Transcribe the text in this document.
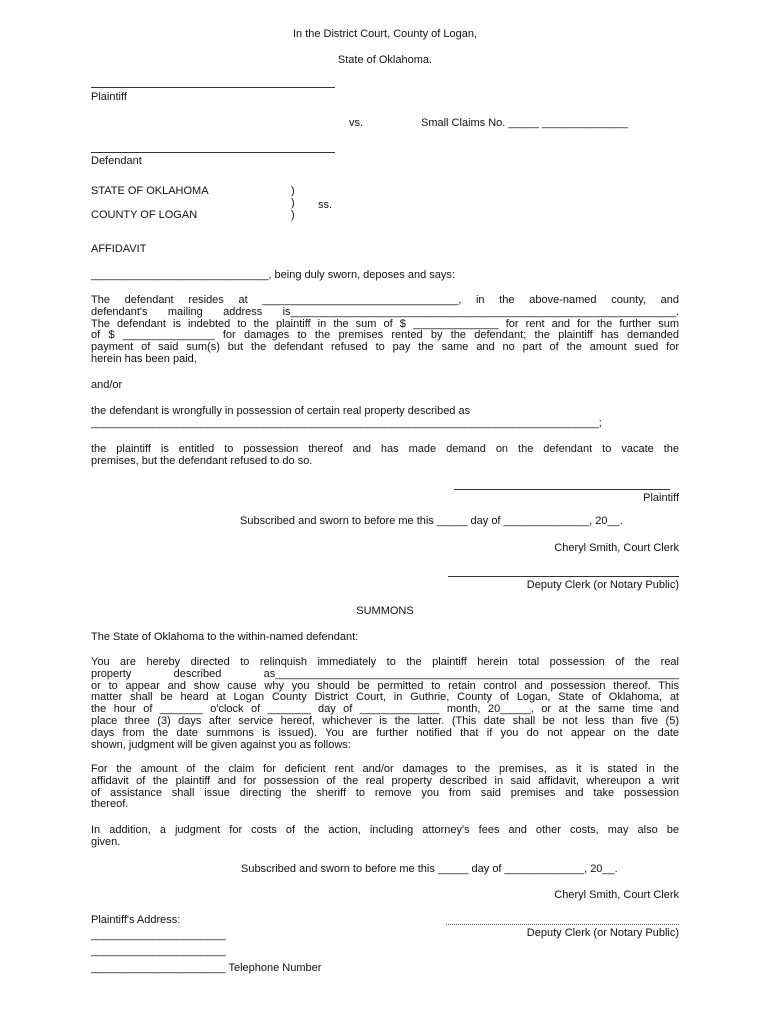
In the District Court, County of Logan,
State of Oklahoma.
Plaintiff
vs.	Small Claims No. _____ ______________
Defendant
STATE OF OKLAHOMA
COUNTY OF LOGAN
)
)
)
ss.
AFFIDAVIT
_____________________________, being duly sworn, deposes and says:

The defendant resides at ________________________________, in the above-named county, and

defendant's mailing address is_______________________________________________________________.

The defendant is indebted to the plaintiff in the sum of $ ______________ for rent and for the further sum

of $ _______________ for damages to the premises rented by the defendant; the plaintiff has demanded

payment of said sum(s) but the defendant refused to pay the same and no part of the amount sued for

herein has been paid,

and/or

the defendant is wrongfully in possession of certain real property described as

___________________________________________________________________________________;

the plaintiff is entitled to possession thereof and has made demand on the defendant to vacate the

premises, but the defendant refused to do so.

Plaintiff
Subscribed and sworn to before me this _____ day of ______________, 20__.
Cheryl Smith, Court Clerk
Deputy Clerk (or Notary Public)
SUMMONS
The State of Oklahoma to the within-named defendant:

You are hereby directed to relinquish immediately to the plaintiff herein total possession of the real

property described as__________________________________________________________________

or to appear and show cause why you should be permitted to retain control and possession thereof. This

matter shall be heard at Logan County District Court, in Guthrie, County of Logan, State of Oklahoma, at

the hour of _______ o'clock of _______ day of _____________ month, 20_____, or at the same time and

place three (3) days after service hereof, whichever is the latter. (This date shall be not less than five (5)

days from the date summons is issued). You are further notified that if you do not appear on the date

shown, judgment will be given against you as follows:

For the amount of the claim for deficient rent and/or damages to the premises, as it is stated in the

affidavit of the plaintiff and for possession of the real property described in said affidavit, whereupon a writ

of assistance shall issue directing the sheriff to remove you from said premises and take possession

thereof.

In addition, a judgment for costs of the action, including attorney's fees and other costs, may also be

given.

Subscribed and sworn to before me this _____ day of _____________, 20__.
Cheryl Smith, Court Clerk
Plaintiff's Address:
Deputy Clerk (or Notary Public)
______________________
______________________
______________________ Telephone Number
